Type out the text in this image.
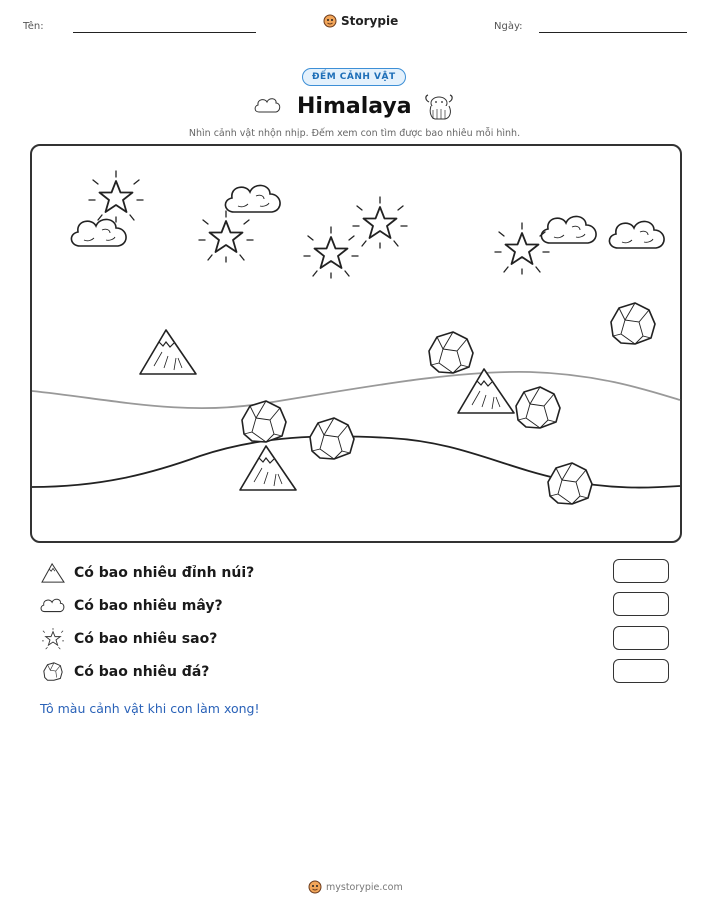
Tên:	Storypie	Ngày:
ĐẾM CẢNH VẬT
Himalaya
Nhìn cảnh vật nhộn nhịp. Đếm xem con tìm được bao nhiêu mỗi hình.
Có bao nhiêu đỉnh núi?
Có bao nhiêu mây?
Có bao nhiêu sao?
Có bao nhiêu đá?
Tô màu cảnh vật khi con làm xong!
mystorypie.com
